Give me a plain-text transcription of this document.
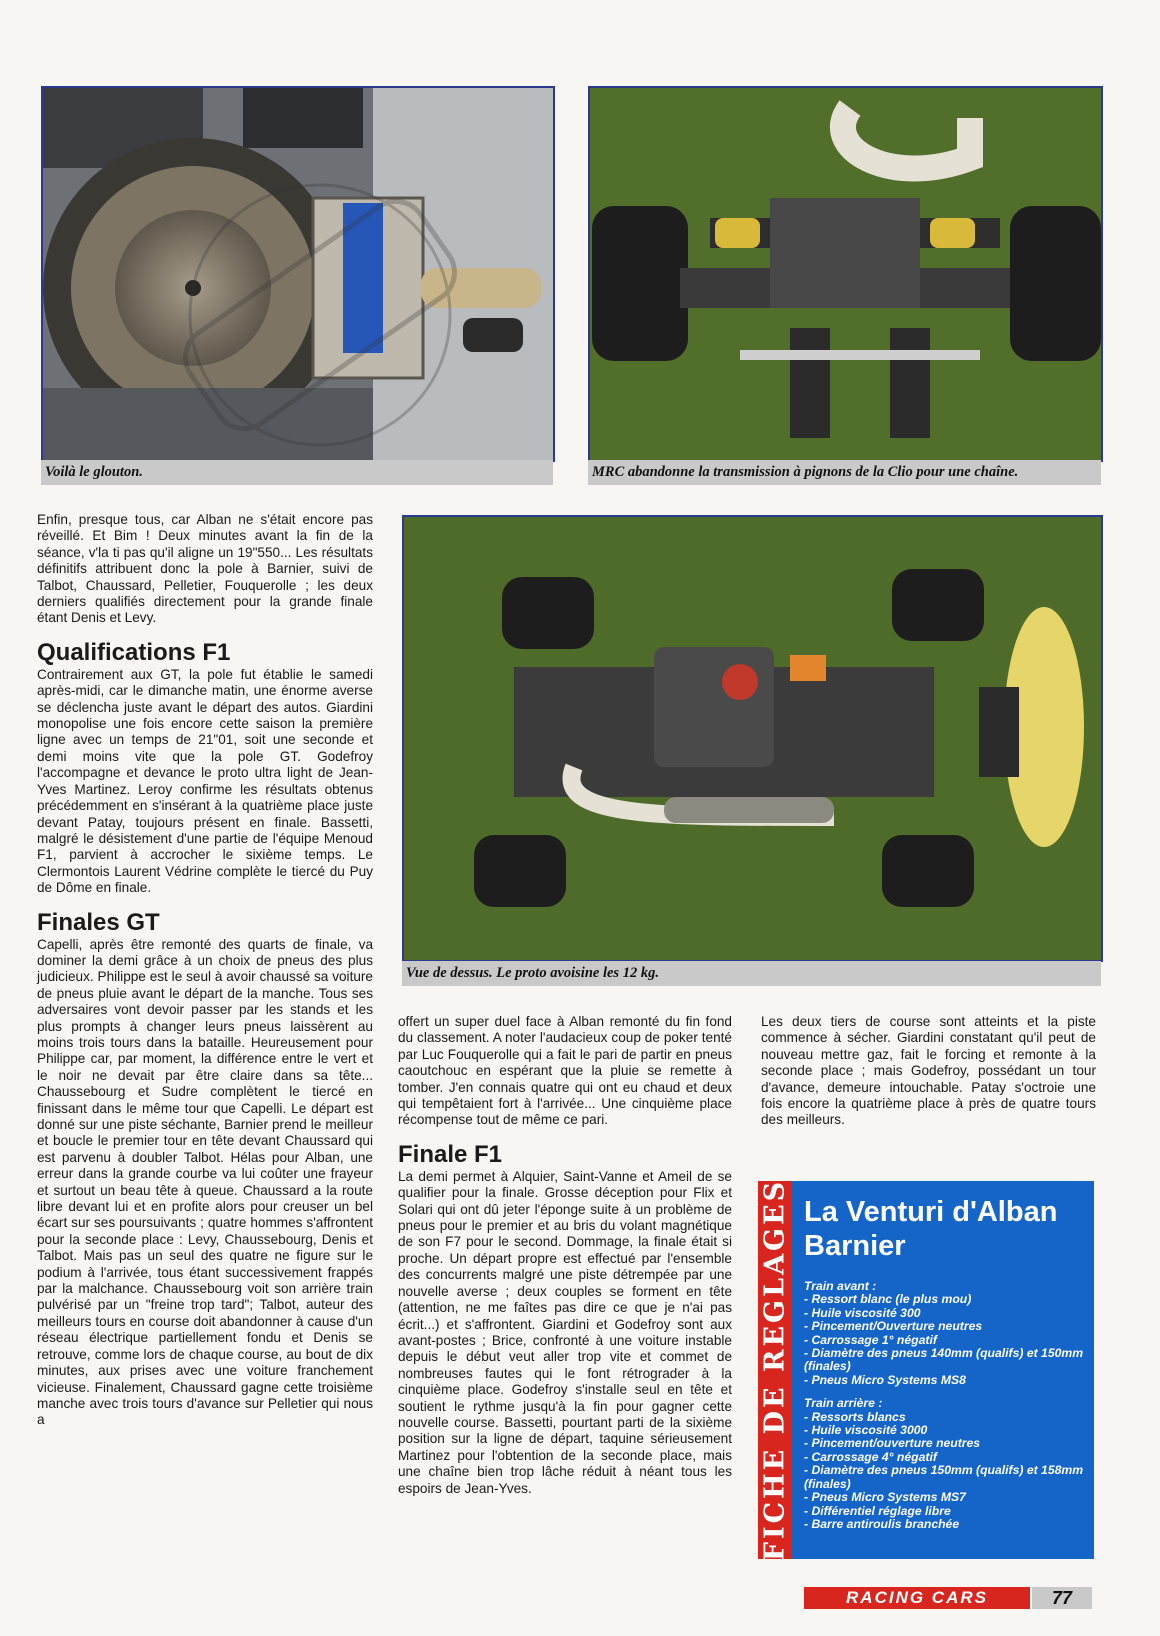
Voilà le glouton.	MRC abandonne la transmission à pignons de la Clio pour une chaîne.
Vue de dessus. Le proto avoisine les 12 kg.

Enfin, presque tous, car Alban ne s'était encore pas réveillé. Et Bim ! Deux minutes avant la fin de la séance, v'la ti pas qu'il aligne un 19"550... Les résultats définitifs attribuent donc la pole à Barnier, suivi de Talbot, Chaussard, Pelletier, Fouquerolle ; les deux derniers qualifiés directement pour la grande finale étant Denis et Levy.

Qualifications F1

Contrairement aux GT, la pole fut établie le samedi après-midi, car le dimanche matin, une énorme averse se déclencha juste avant le départ des autos. Giardini monopolise une fois encore cette saison la première ligne avec un temps de 21"01, soit une seconde et demi moins vite que la pole GT. Godefroy l'accompagne et devance le proto ultra light de Jean-Yves Martinez. Leroy confirme les résultats obtenus précédemment en s'insérant à la quatrième place juste devant Patay, toujours présent en finale. Bassetti, malgré le désistement d'une partie de l'équipe Menoud F1, parvient à accrocher le sixième temps. Le Clermontois Laurent Védrine complète le tiercé du Puy de Dôme en finale.

Finales GT

Capelli, après être remonté des quarts de finale, va dominer la demi grâce à un choix de pneus des plus judicieux. Philippe est le seul à avoir chaussé sa voiture de pneus pluie avant le départ de la manche. Tous ses adversaires vont devoir passer par les stands et les plus prompts à changer leurs pneus laissèrent au moins trois tours dans la bataille. Heureusement pour Philippe car, par moment, la différence entre le vert et le noir ne devait par être claire dans sa tête... Chaussebourg et Sudre complètent le tiercé en finissant dans le même tour que Capelli. Le départ est donné sur une piste séchante, Barnier prend le meilleur et boucle le premier tour en tête devant Chaussard qui est parvenu à doubler Talbot. Hélas pour Alban, une erreur dans la grande courbe va lui coûter une frayeur et surtout un beau tête à queue. Chaussard a la route libre devant lui et en profite alors pour creuser un bel écart sur ses poursuivants ; quatre hommes s'affrontent pour la seconde place : Levy, Chaussebourg, Denis et Talbot. Mais pas un seul des quatre ne figure sur le podium à l'arrivée, tous étant successivement frappés par la malchance. Chaussebourg voit son arrière train pulvérisé par un "freine trop tard"; Talbot, auteur des meilleurs tours en course doit abandonner à cause d'un réseau électrique partiellement fondu et Denis se retrouve, comme lors de chaque course, au bout de dix minutes, aux prises avec une voiture franchement vicieuse. Finalement, Chaussard gagne cette troisième manche avec trois tours d'avance sur Pelletier qui nous a

offert un super duel face à Alban remonté du fin fond du classement. A noter l'audacieux coup de poker tenté par Luc Fouquerolle qui a fait le pari de partir en pneus caoutchouc en espérant que la pluie se remette à tomber. J'en connais quatre qui ont eu chaud et deux qui tempêtaient fort à l'arrivée... Une cinquième place récompense tout de même ce pari.

Finale F1

La demi permet à Alquier, Saint-Vanne et Ameil de se qualifier pour la finale. Grosse déception pour Flix et Solari qui ont dû jeter l'éponge suite à un problème de pneus pour le premier et au bris du volant magnétique de son F7 pour le second. Dommage, la finale était si proche. Un départ propre est effectué par l'ensemble des concurrents malgré une piste détrempée par une nouvelle averse ; deux couples se forment en tête (attention, ne me faîtes pas dire ce que je n'ai pas écrit...) et s'affrontent. Giardini et Godefroy sont aux avant-postes ; Brice, confronté à une voiture instable depuis le début veut aller trop vite et commet de nombreuses fautes qui le font rétrograder à la cinquième place. Godefroy s'installe seul en tête et soutient le rythme jusqu'à la fin pour gagner cette nouvelle course. Bassetti, pourtant parti de la sixième position sur la ligne de départ, taquine sérieusement Martinez pour l'obtention de la seconde place, mais une chaîne bien trop lâche réduit à néant tous les espoirs de Jean-Yves.

Les deux tiers de course sont atteints et la piste commence à sécher. Giardini constatant qu'il peut de nouveau mettre gaz, fait le forcing et remonte à la seconde place ; mais Godefroy, possédant un tour d'avance, demeure intouchable. Patay s'octroie une fois encore la quatrième place à près de quatre tours des meilleurs.

FICHE DE REGLAGES La Venturi d'Alban Barnier
Train avant :
- Ressort blanc (le plus mou)
- Huile viscosité 300
- Pincement/Ouverture neutres
- Carrossage 1° négatif
- Diamètre des pneus 140mm (qualifs) et 150mm (finales)
- Pneus Micro Systems MS8
Train arrière :
- Ressorts blancs
- Huile viscosité 3000
- Pincement/ouverture neutres
- Carrossage 4° négatif
- Diamètre des pneus 150mm (qualifs) et 158mm (finales)
- Pneus Micro Systems MS7
- Différentiel réglage libre
- Barre antiroulis branchée
RACING CARS	77
